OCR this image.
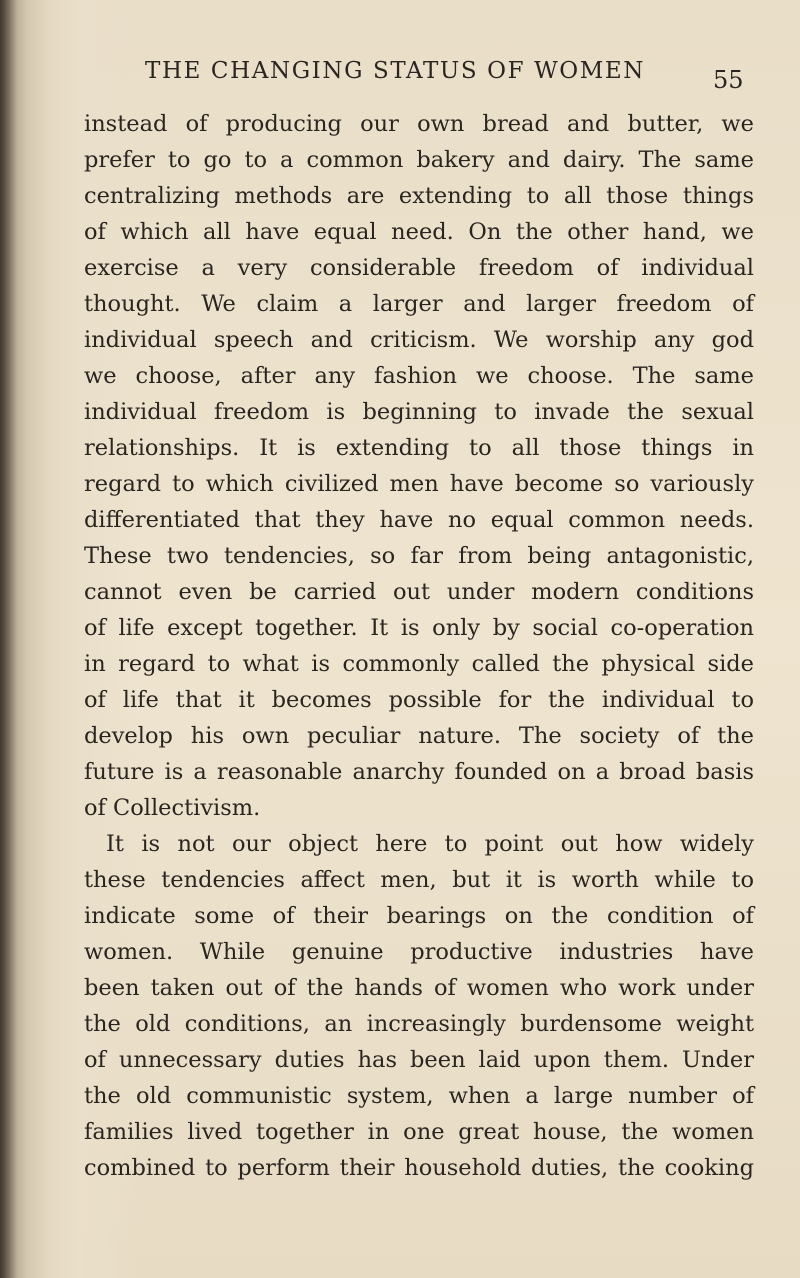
THE CHANGING STATUS OF WOMEN	55
instead of producing our own bread and butter, we
prefer to go to a common bakery and dairy. The same
centralizing methods are extending to all those things
of which all have equal need. On the other hand, we
exercise a very considerable freedom of individual
thought. We claim a larger and larger freedom of
individual speech and criticism. We worship any god
we choose, after any fashion we choose. The same
individual freedom is beginning to invade the sexual
relationships. It is extending to all those things in
regard to which civilized men have become so variously
differentiated that they have no equal common needs.
These two tendencies, so far from being antagonistic,
cannot even be carried out under modern conditions
of life except together. It is only by social co-operation
in regard to what is commonly called the physical side
of life that it becomes possible for the individual to
develop his own peculiar nature. The society of the
future is a reasonable anarchy founded on a broad basis
of Collectivism.
It is not our object here to point out how widely
these tendencies affect men, but it is worth while to
indicate some of their bearings on the condition of
women. While genuine productive industries have
been taken out of the hands of women who work under
the old conditions, an increasingly burdensome weight
of unnecessary duties has been laid upon them. Under
the old communistic system, when a large number of
families lived together in one great house, the women
combined to perform their household duties, the cooking
